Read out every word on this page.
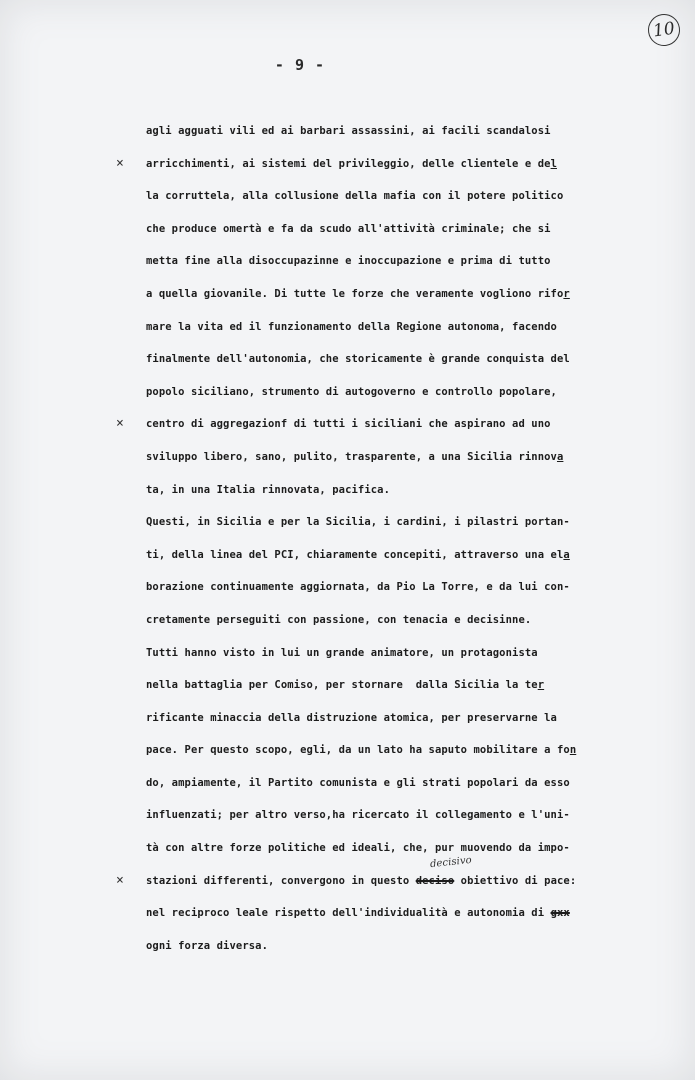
10
- 9 -
agli agguati vili ed ai barbari assassini, ai facili scandalosi
× arricchimenti, ai sistemi del privileggio, delle clientele e del
la corruttela, alla collusione della mafia con il potere politico
che produce omertà e fa da scudo all'attività criminale; che si
metta fine alla disoccupazinne e inoccupazione e prima di tutto
a quella giovanile. Di tutte le forze che veramente vogliono rifor
mare la vita ed il funzionamento della Regione autonoma, facendo
finalmente dell'autonomia, che storicamente è grande conquista del
popolo siciliano, strumento di autogoverno e controllo popolare,
× centro di aggregazionf di tutti i siciliani che aspirano ad uno
sviluppo libero, sano, pulito, trasparente, a una Sicilia rinnova
ta, in una Italia rinnovata, pacifica.
Questi, in Sicilia e per la Sicilia, i cardini, i pilastri portan-
ti, della linea del PCI, chiaramente concepiti, attraverso una ela
borazione continuamente aggiornata, da Pio La Torre, e da lui con-
cretamente perseguiti con passione, con tenacia e decisinne.
Tutti hanno visto in lui un grande animatore, un protagonista
nella battaglia per Comiso, per stornare  dalla Sicilia la ter
rificante minaccia della distruzione atomica, per preservarne la
pace. Per questo scopo, egli, da un lato ha saputo mobilitare a fon
do, ampiamente, il Partito comunista e gli strati popolari da esso
influenzati; per altro verso,ha ricercato il collegamento e l'uni-
tà con altre forze politiche ed ideali, che, pur muovendo da impo-
×
decisivo
stazioni differenti, convergono in questo deciso obiettivo di pace:
nel reciproco leale rispetto dell'individualità e autonomia di gxx
ogni forza diversa.
